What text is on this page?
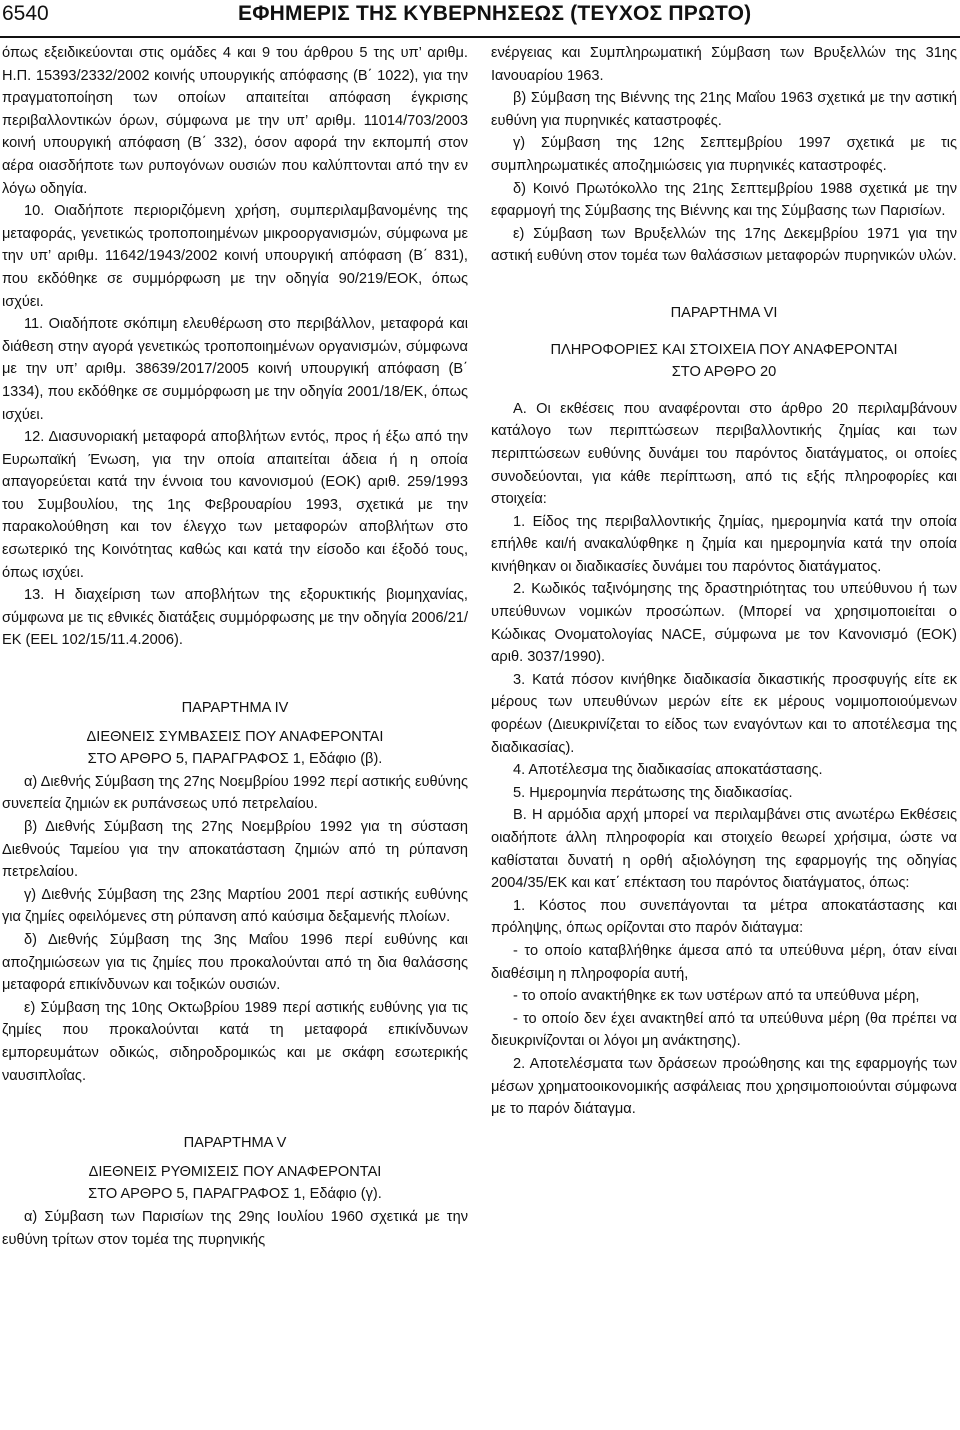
6540	ΕΦΗΜΕΡΙΣ ΤΗΣ ΚΥΒΕΡΝΗΣΕΩΣ (ΤΕΥΧΟΣ ΠΡΩΤΟ)

όπως εξειδικεύονται στις ομάδες 4 και 9 του άρθρου 5 της υπ’ αριθμ. Η.Π. 15393/2332/2002 κοινής υπουργικής απόφασης (Β΄ 1022), για την πραγματοποίηση των οποίων απαιτείται απόφαση έγκρισης περιβαλλοντικών όρων, σύμφωνα με την υπ’ αριθμ. 11014/703/2003 κοινή υπουργική απόφαση (Β΄ 332), όσον αφορά την εκπομπή στον αέρα οιασδήποτε των ρυπογόνων ουσιών που καλύπτονται από την εν λόγω οδηγία.

10. Οιαδήποτε περιοριζόμενη χρήση, συμπεριλαμβανομένης της μεταφοράς, γενετικώς τροποποιημένων μικροοργανισμών, σύμφωνα με την υπ’ αριθμ. 11642/1943/2002 κοινή υπουργική απόφαση (Β΄ 831), που εκδόθηκε σε συμμόρφωση με την οδηγία 90/219/ΕΟΚ, όπως ισχύει.

11. Οιαδήποτε σκόπιμη ελευθέρωση στο περιβάλλον, μεταφορά και διάθεση στην αγορά γενετικώς τροποποιημένων οργανισμών, σύμφωνα με την υπ’ αριθμ. 38639/2017/2005 κοινή υπουργική απόφαση (Β΄ 1334), που εκδόθηκε σε συμμόρφωση με την οδηγία 2001/18/ΕΚ, όπως ισχύει.

12. Διασυνοριακή μεταφορά αποβλήτων εντός, προς ή έξω από την Ευρωπαϊκή Ένωση, για την οποία απαιτείται άδεια ή η οποία απαγορεύεται κατά την έννοια του κανονισμού (ΕΟΚ) αριθ. 259/1993 του Συμβουλίου, της 1ης Φεβρουαρίου 1993, σχετικά με την παρακολούθηση και τον έλεγχο των μεταφορών αποβλήτων στο εσωτερικό της Κοινότητας καθώς και κατά την είσοδο και έξοδό τους, όπως ισχύει.

13. Η διαχείριση των αποβλήτων της εξορυκτικής βιομηχανίας, σύμφωνα με τις εθνικές διατάξεις συμμόρφωσης με την οδηγία 2006/21/ΕΚ (ΕΕL 102/15/11.4.2006).

ΠΑΡΑΡΤΗΜΑ IV

ΔΙΕΘΝΕΙΣ ΣΥΜΒΑΣΕΙΣ ΠΟΥ ΑΝΑΦΕΡΟΝΤΑΙ

ΣΤΟ ΑΡΘΡΟ 5, ΠΑΡΑΓΡΑΦΟΣ 1, Εδάφιο (β).

α) Διεθνής Σύμβαση της 27ης Νοεμβρίου 1992 περί αστικής ευθύνης συνεπεία ζημιών εκ ρυπάνσεως υπό πετρελαίου.

β) Διεθνής Σύμβαση της 27ης Νοεμβρίου 1992 για τη σύσταση Διεθνούς Ταμείου για την αποκατάσταση ζημιών από τη ρύπανση πετρελαίου.

γ) Διεθνής Σύμβαση της 23ης Μαρτίου 2001 περί αστικής ευθύνης για ζημίες οφειλόμενες στη ρύπανση από καύσιμα δεξαμενής πλοίων.

δ) Διεθνής Σύμβαση της 3ης Μαΐου 1996 περί ευθύνης και αποζημιώσεων για τις ζημίες που προκαλούνται από τη δια θαλάσσης μεταφορά επικίνδυνων και τοξικών ουσιών.

ε) Σύμβαση της 10ης Οκτωβρίου 1989 περί αστικής ευθύνης για τις ζημίες που προκαλούνται κατά τη μεταφορά επικίνδυνων εμπορευμάτων οδικώς, σιδηροδρομικώς και με σκάφη εσωτερικής ναυσιπλοΐας.

ΠΑΡΑΡΤΗΜΑ V

ΔΙΕΘΝΕΙΣ ΡΥΘΜΙΣΕΙΣ ΠΟΥ ΑΝΑΦΕΡΟΝΤΑΙ

ΣΤΟ ΑΡΘΡΟ 5, ΠΑΡΑΓΡΑΦΟΣ 1, Εδάφιο (γ).

α) Σύμβαση των Παρισίων της 29ης Ιουλίου 1960 σχετικά με την ευθύνη τρίτων στον τομέα της πυρηνικής

ενέργειας και Συμπληρωματική Σύμβαση των Βρυξελλών της 31ης Ιανουαρίου 1963.

β) Σύμβαση της Βιέννης της 21ης Μαΐου 1963 σχετικά με την αστική ευθύνη για πυρηνικές καταστροφές.

γ) Σύμβαση της 12ης Σεπτεμβρίου 1997 σχετικά με τις συμπληρωματικές αποζημιώσεις για πυρηνικές καταστροφές.

δ) Κοινό Πρωτόκολλο της 21ης Σεπτεμβρίου 1988 σχετικά με την εφαρμογή της Σύμβασης της Βιέννης και της Σύμβασης των Παρισίων.

ε) Σύμβαση των Βρυξελλών της 17ης Δεκεμβρίου 1971 για την αστική ευθύνη στον τομέα των θαλάσσιων μεταφορών πυρηνικών υλών.

ΠΑΡΑΡΤΗΜΑ VI

ΠΛΗΡΟΦΟΡΙΕΣ ΚΑΙ ΣΤΟΙΧΕΙΑ ΠΟΥ ΑΝΑΦΕΡΟΝΤΑΙ

ΣΤΟ ΑΡΘΡΟ 20

Α. Οι εκθέσεις που αναφέρονται στο άρθρο 20 περιλαμβάνουν κατάλογο των περιπτώσεων περιβαλλοντικής ζημίας και των περιπτώσεων ευθύνης δυνάμει του παρόντος διατάγματος, οι οποίες συνοδεύονται, για κάθε περίπτωση, από τις εξής πληροφορίες και στοιχεία:

1. Είδος της περιβαλλοντικής ζημίας, ημερομηνία κατά την οποία επήλθε και/ή ανακαλύφθηκε η ζημία και ημερομηνία κατά την οποία κινήθηκαν οι διαδικασίες δυνάμει του παρόντος διατάγματος.

2. Κωδικός ταξινόμησης της δραστηριότητας του υπεύθυνου ή των υπεύθυνων νομικών προσώπων. (Μπορεί να χρησιμοποιείται ο Κώδικας Ονοματολογίας NACE, σύμφωνα με τον Κανονισμό (ΕΟΚ) αριθ. 3037/1990).

3. Κατά πόσον κινήθηκε διαδικασία δικαστικής προσφυγής είτε εκ μέρους των υπευθύνων μερών είτε εκ μέρους νομιμοποιούμενων φορέων (Διευκρινίζεται το είδος των εναγόντων και το αποτέλεσμα της διαδικασίας).

4. Αποτέλεσμα της διαδικασίας αποκατάστασης.

5. Ημερομηνία περάτωσης της διαδικασίας.

Β. Η αρμόδια αρχή μπορεί να περιλαμβάνει στις ανωτέρω Εκθέσεις οιαδήποτε άλλη πληροφορία και στοιχείο θεωρεί χρήσιμα, ώστε να καθίσταται δυνατή η ορθή αξιολόγηση της εφαρμογής της οδηγίας 2004/35/ΕΚ και κατ΄ επέκταση του παρόντος διατάγματος, όπως:

1. Κόστος που συνεπάγονται τα μέτρα αποκατάστασης και πρόληψης, όπως ορίζονται στο παρόν διάταγμα:

- το οποίο καταβλήθηκε άμεσα από τα υπεύθυνα μέρη, όταν είναι διαθέσιμη η πληροφορία αυτή,

- το οποίο ανακτήθηκε εκ των υστέρων από τα υπεύθυνα μέρη,

- το οποίο δεν έχει ανακτηθεί από τα υπεύθυνα μέρη (θα πρέπει να διευκρινίζονται οι λόγοι μη ανάκτησης).

2. Αποτελέσματα των δράσεων προώθησης και της εφαρμογής των μέσων χρηματοοικονομικής ασφάλειας που χρησιμοποιούνται σύμφωνα με το παρόν διάταγμα.
